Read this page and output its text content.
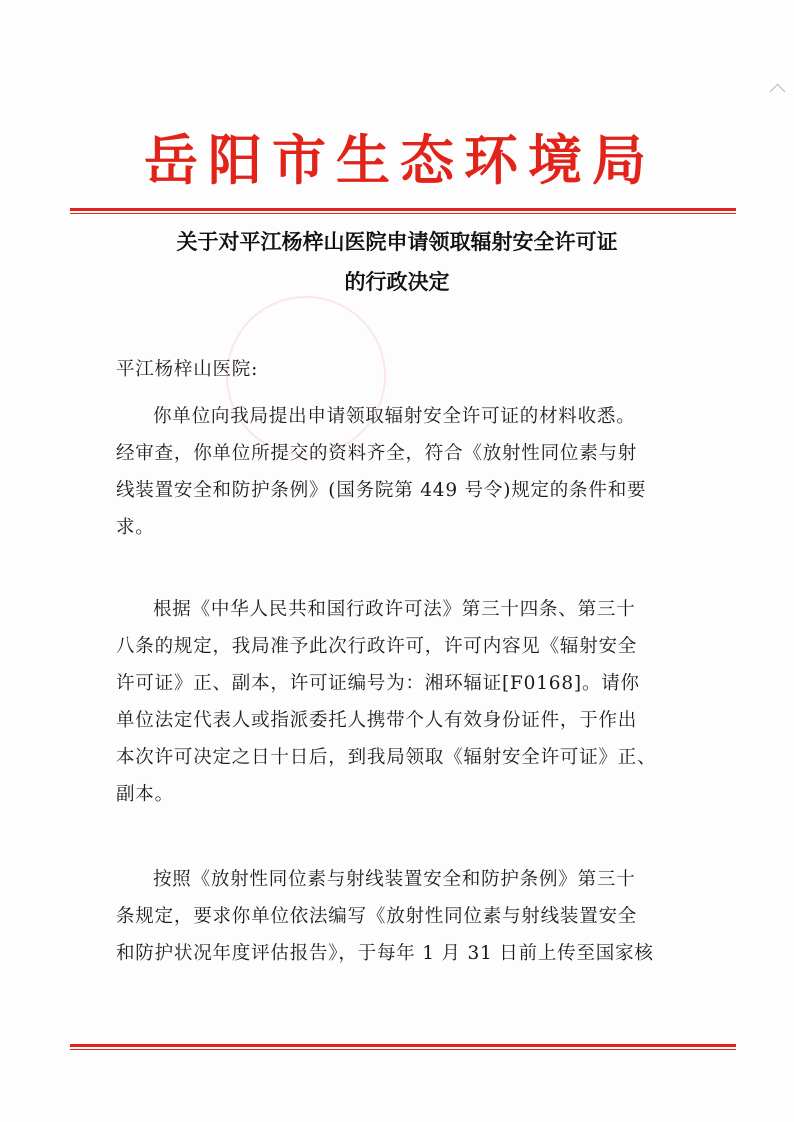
岳阳市生态环境局
关于对平江杨梓山医院申请领取辐射安全许可证
的行政决定
平江杨梓山医院:
你单位向我局提出申请领取辐射安全许可证的材料收悉。
经审查，你单位所提交的资料齐全，符合《放射性同位素与射
线装置安全和防护条例》(国务院第 449 号令)规定的条件和要
求。
根据《中华人民共和国行政许可法》第三十四条、第三十
八条的规定，我局准予此次行政许可，许可内容见《辐射安全
许可证》正、副本，许可证编号为：湘环辐证[F0168]。请你
单位法定代表人或指派委托人携带个人有效身份证件，于作出
本次许可决定之日十日后，到我局领取《辐射安全许可证》正、
副本。
按照《放射性同位素与射线装置安全和防护条例》第三十
条规定，要求你单位依法编写《放射性同位素与射线装置安全
和防护状况年度评估报告》，于每年 1 月 31 日前上传至国家核
